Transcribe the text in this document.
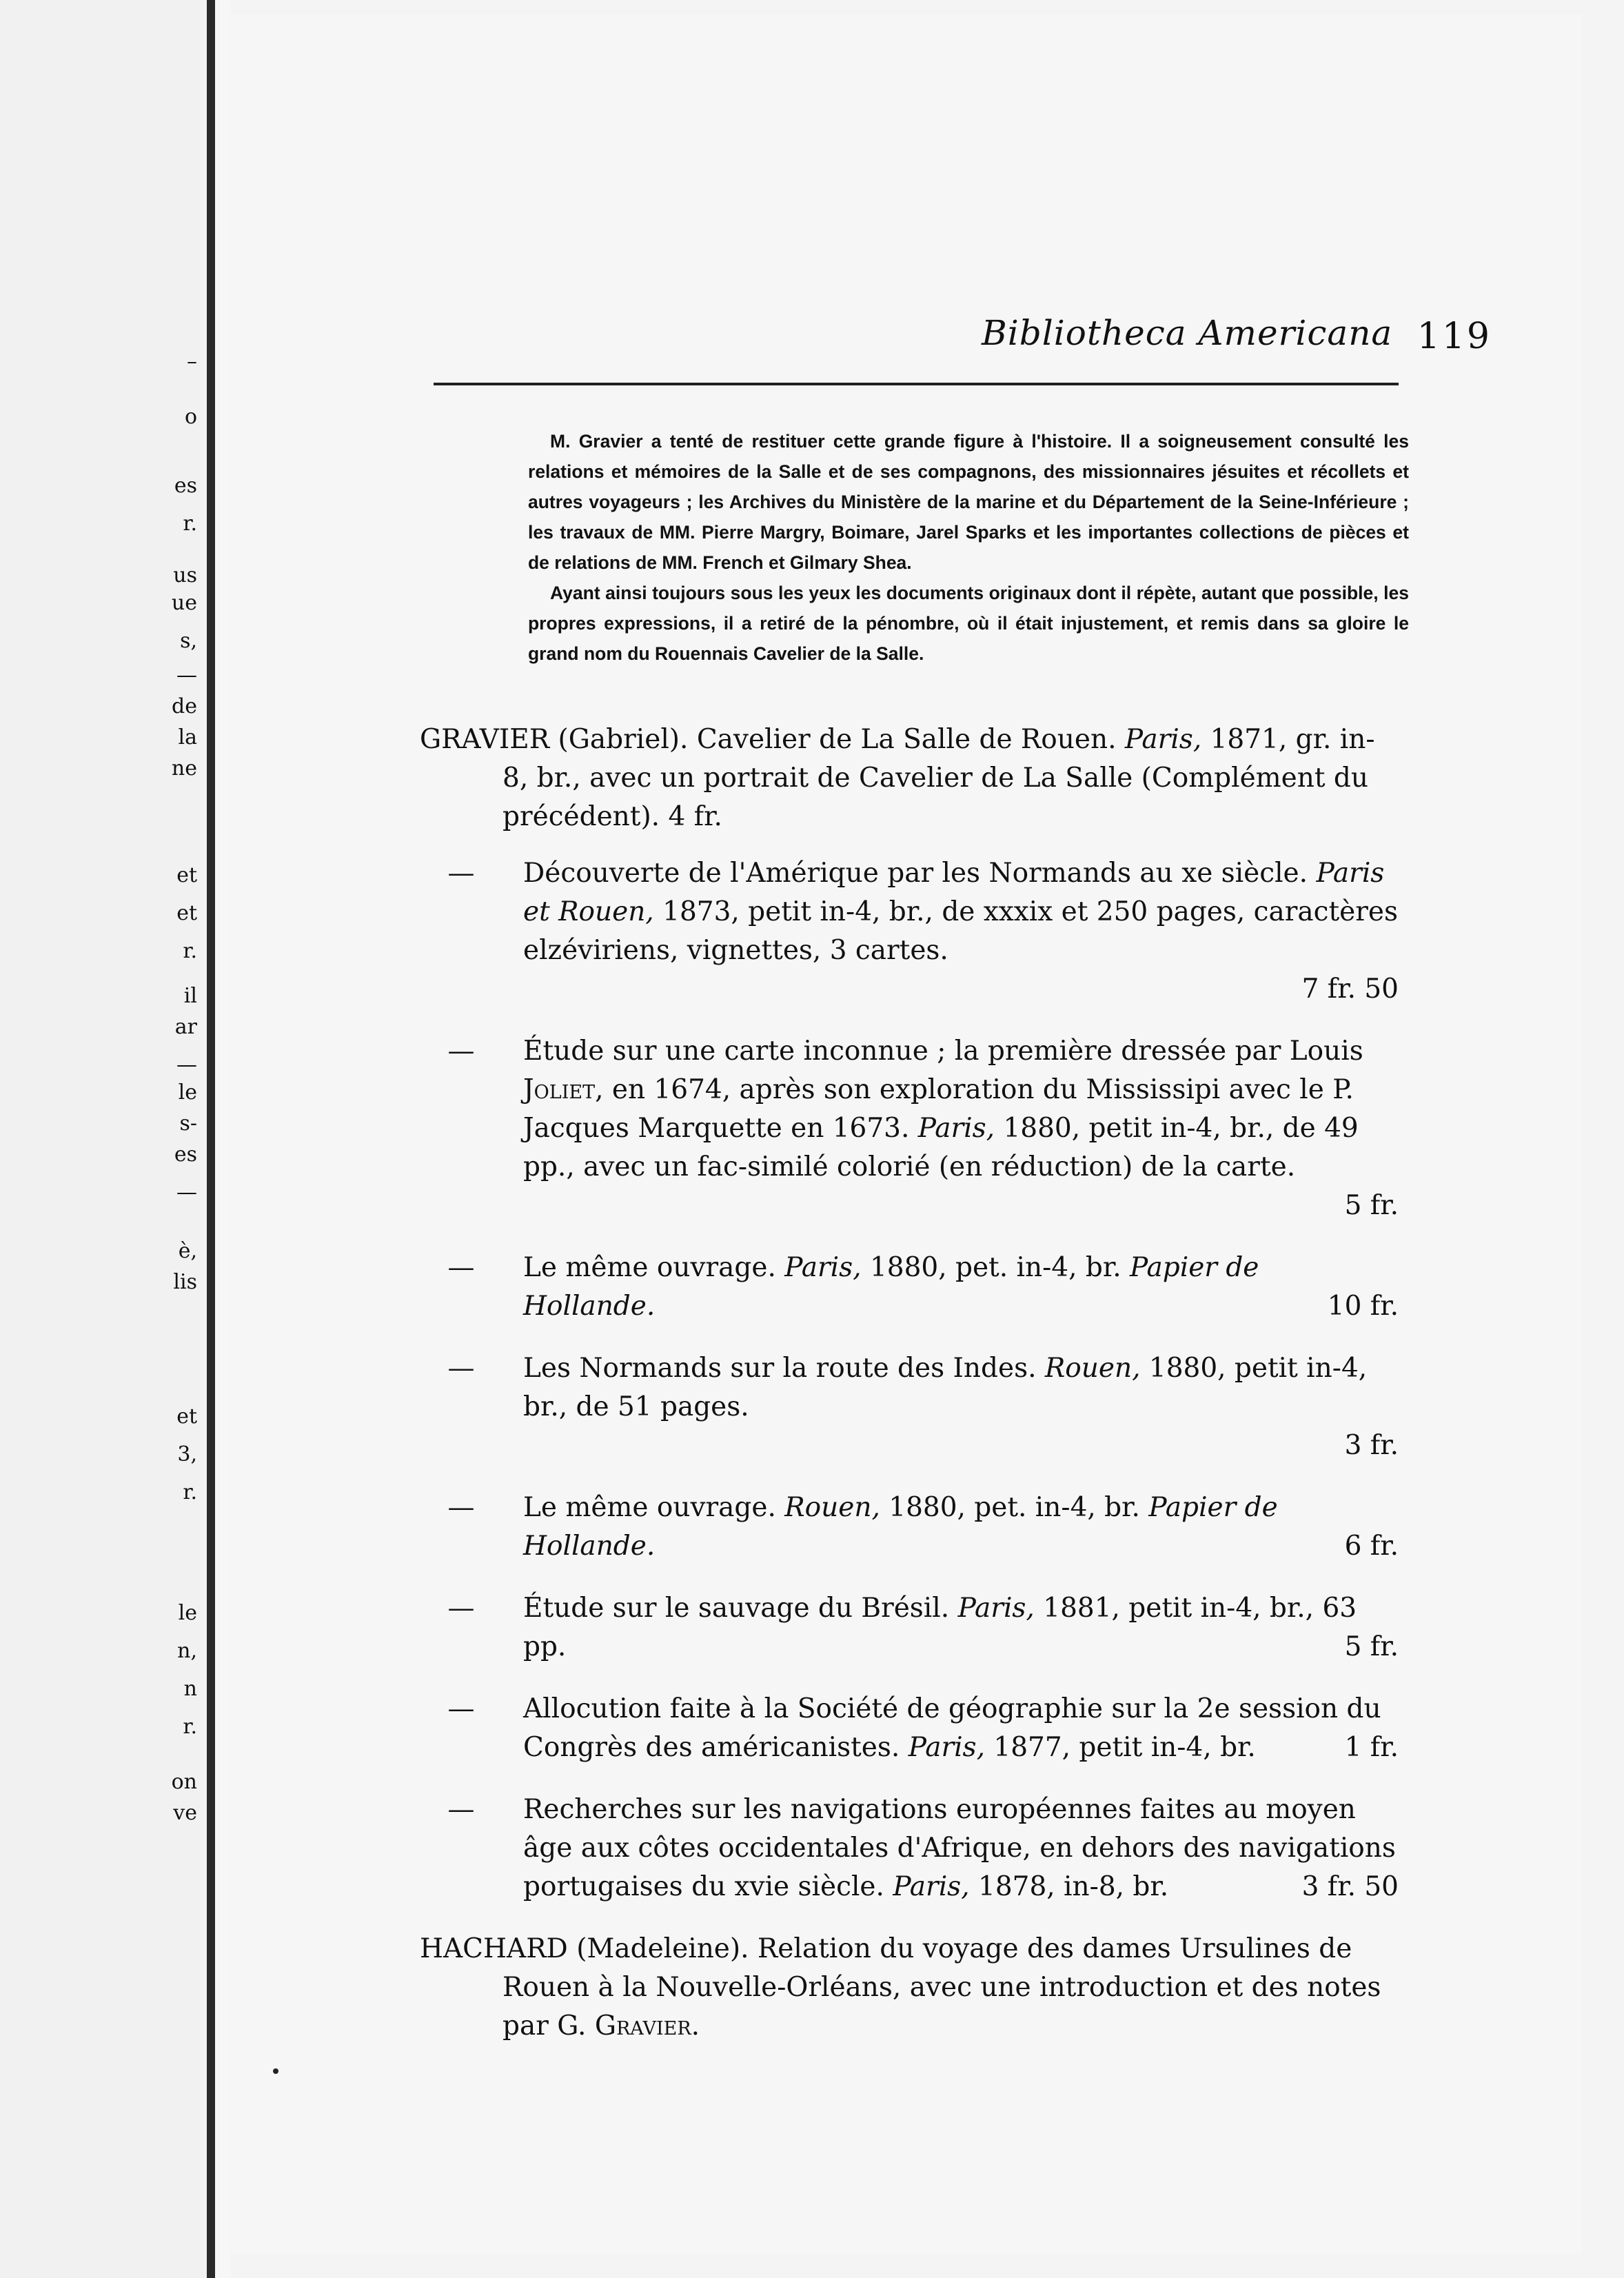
–
o
es
r.
us
ue
s,
—
de
la
ne
et
et
r.
il
ar
—
le
s-
es
—
è,
lis
et
3,
r.
le
n,
n
r.
on
ve
Bibliotheca Americana 119

M. Gravier a tenté de restituer cette grande figure à l'histoire. Il a soigneusement consulté les relations et mémoires de la Salle et de ses compagnons, des missionnaires jésuites et récollets et autres voyageurs ; les Archives du Ministère de la marine et du Département de la Seine-Inférieure ; les travaux de MM. Pierre Margry, Boimare, Jarel Sparks et les importantes collections de pièces et de relations de MM. French et Gilmary Shea.

Ayant ainsi toujours sous les yeux les documents originaux dont il répète, autant que possible, les propres expressions, il a retiré de la pénombre, où il était injustement, et remis dans sa gloire le grand nom du Rouennais Cavelier de la Salle.

GRAVIER (Gabriel). Cavelier de La Salle de Rouen. Paris, 1871, gr. in-8, br., avec un portrait de Cavelier de La Salle (Complément du précédent). 4 fr.

— Découverte de l'Amérique par les Normands au xe siècle. Paris et Rouen, 1873, petit in-4, br., de xxxix et 250 pages, caractères elzéviriens, vignettes, 3 cartes.
7 fr. 50

— Étude sur une carte inconnue ; la première dressée par Louis Joliet, en 1674, après son exploration du Mississipi avec le P. Jacques Marquette en 1673. Paris, 1880, petit in-4, br., de 49 pp., avec un fac-similé colorié (en réduction) de la carte.
5 fr.

— Le même ouvrage. Paris, 1880, pet. in-4, br. Papier de Hollande.	10 fr.

— Les Normands sur la route des Indes. Rouen, 1880, petit in-4, br., de 51 pages.
3 fr.

— Le même ouvrage. Rouen, 1880, pet. in-4, br. Papier de Hollande.	6 fr.

— Étude sur le sauvage du Brésil. Paris, 1881, petit in-4, br., 63 pp.	5 fr.

— Allocution faite à la Société de géographie sur la 2e session du Congrès des américanistes. Paris, 1877, petit in-4, br.	1 fr.

— Recherches sur les navigations européennes faites au moyen âge aux côtes occidentales d'Afrique, en dehors des navigations portugaises du xvie siècle. Paris, 1878, in-8, br.	3 fr. 50

HACHARD (Madeleine). Relation du voyage des dames Ursulines de Rouen à la Nouvelle-Orléans, avec une introduction et des notes par G. Gravier.
